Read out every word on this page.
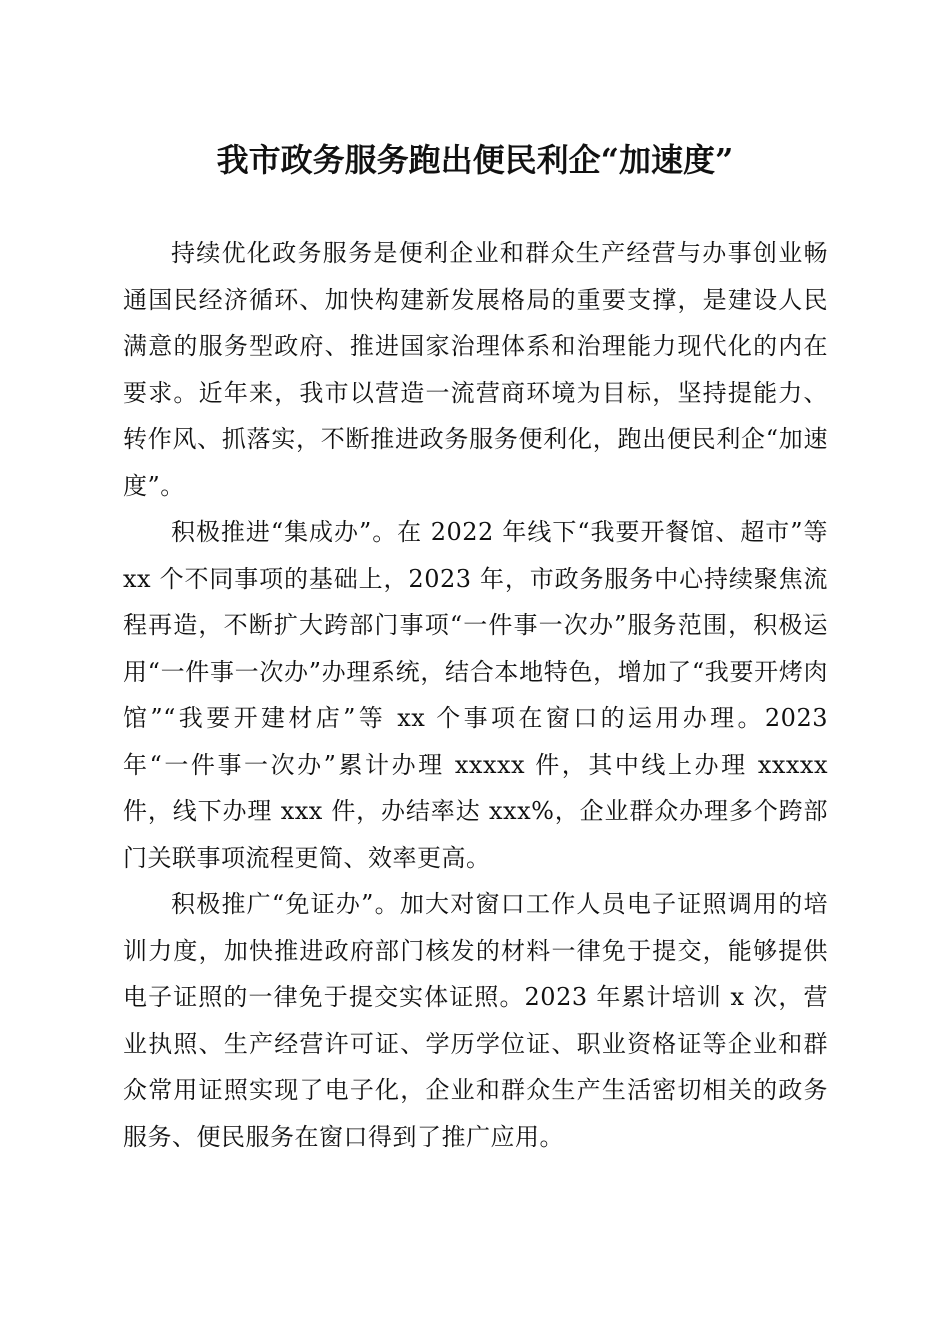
我市政务服务跑出便民利企“加速度”

持续优化政务服务是便利企业和群众生产经营与办事创业畅通国民经济循环、加快构建新发展格局的重要支撑，是建设人民满意的服务型政府、推进国家治理体系和治理能力现代化的内在要求。近年来，我市以营造一流营商环境为目标，坚持提能力、转作风、抓落实，不断推进政务服务便利化，跑出便民利企“加速度”。

积极推进“集成办”。在 2022 年线下“我要开餐馆、超市”等 xx 个不同事项的基础上，2023 年，市政务服务中心持续聚焦流程再造，不断扩大跨部门事项“一件事一次办”服务范围，积极运用“一件事一次办”办理系统，结合本地特色，增加了“我要开烤肉馆”“我要开建材店”等 xx 个事项在窗口的运用办理。2023 年“一件事一次办”累计办理 xxxxx 件，其中线上办理 xxxxx 件，线下办理 xxx 件，办结率达 xxx%，企业群众办理多个跨部门关联事项流程更简、效率更高。

积极推广“免证办”。加大对窗口工作人员电子证照调用的培训力度，加快推进政府部门核发的材料一律免于提交，能够提供电子证照的一律免于提交实体证照。2023 年累计培训 x 次，营业执照、生产经营许可证、学历学位证、职业资格证等企业和群众常用证照实现了电子化，企业和群众生产生活密切相关的政务服务、便民服务在窗口得到了推广应用。
